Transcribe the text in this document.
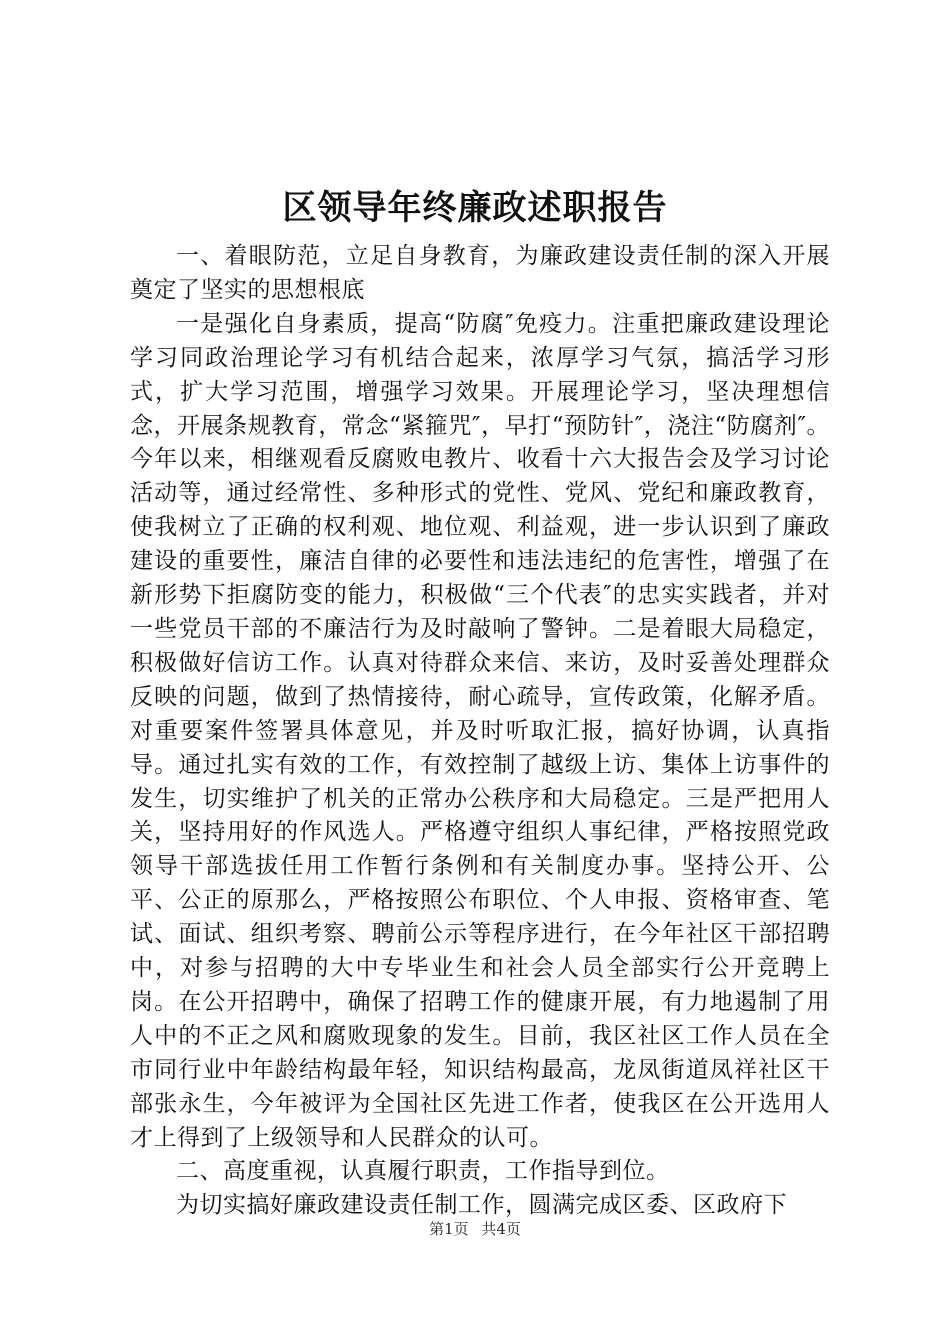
区领导年终廉政述职报告

一、着眼防范，立足自身教育，为廉政建设责任制的深入开展奠定了坚实的思想根底

一是强化自身素质，提高“防腐″免疫力。注重把廉政建设理论学习同政治理论学习有机结合起来，浓厚学习气氛，搞活学习形式，扩大学习范围，增强学习效果。开展理论学习，坚决理想信念，开展条规教育，常念“紧箍咒″，早打“预防针″，浇注“防腐剂″。今年以来，相继观看反腐败电教片、收看十六大报告会及学习讨论活动等，通过经常性、多种形式的党性、党风、党纪和廉政教育，使我树立了正确的权利观、地位观、利益观，进一步认识到了廉政建设的重要性，廉洁自律的必要性和违法违纪的危害性，增强了在新形势下拒腐防变的能力，积极做“三个代表″的忠实实践者，并对一些党员干部的不廉洁行为及时敲响了警钟。二是着眼大局稳定，积极做好信访工作。认真对待群众来信、来访，及时妥善处理群众反映的问题，做到了热情接待，耐心疏导，宣传政策，化解矛盾。对重要案件签署具体意见，并及时听取汇报，搞好协调，认真指导。通过扎实有效的工作，有效控制了越级上访、集体上访事件的发生，切实维护了机关的正常办公秩序和大局稳定。三是严把用人关，坚持用好的作风选人。严格遵守组织人事纪律，严格按照党政领导干部选拔任用工作暂行条例和有关制度办事。坚持公开、公平、公正的原那么，严格按照公布职位、个人申报、资格审查、笔试、面试、组织考察、聘前公示等程序进行，在今年社区干部招聘中，对参与招聘的大中专毕业生和社会人员全部实行公开竞聘上岗。在公开招聘中，确保了招聘工作的健康开展，有力地遏制了用人中的不正之风和腐败现象的发生。目前，我区社区工作人员在全市同行业中年龄结构最年轻，知识结构最高，龙凤街道凤祥社区干部张永生，今年被评为全国社区先进工作者，使我区在公开选用人才上得到了上级领导和人民群众的认可。

二、高度重视，认真履行职责，工作指导到位。

为切实搞好廉政建设责任制工作，圆满完成区委、区政府下

第1页 共4页
